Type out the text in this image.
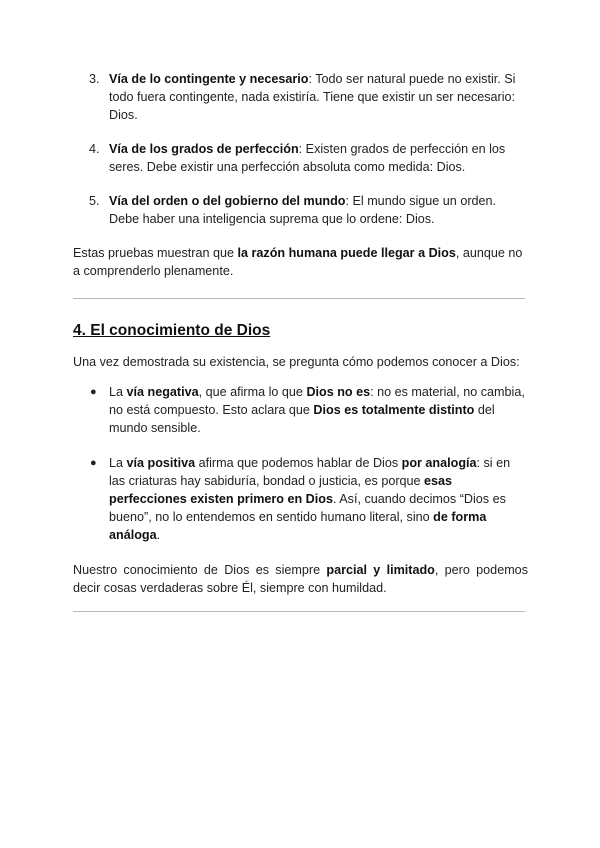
3. Vía de lo contingente y necesario: Todo ser natural puede no existir. Si todo fuera contingente, nada existiría. Tiene que existir un ser necesario: Dios.
4. Vía de los grados de perfección: Existen grados de perfección en los seres. Debe existir una perfección absoluta como medida: Dios.
5. Vía del orden o del gobierno del mundo: El mundo sigue un orden. Debe haber una inteligencia suprema que lo ordene: Dios.

Estas pruebas muestran que la razón humana puede llegar a Dios, aunque no a comprenderlo plenamente.

4. El conocimiento de Dios

Una vez demostrada su existencia, se pregunta cómo podemos conocer a Dios:

● La vía negativa, que afirma lo que Dios no es: no es material, no cambia, no está compuesto. Esto aclara que Dios es totalmente distinto del mundo sensible.
● La vía positiva afirma que podemos hablar de Dios por analogía: si en las criaturas hay sabiduría, bondad o justicia, es porque esas perfecciones existen primero en Dios. Así, cuando decimos “Dios es bueno”, no lo entendemos en sentido humano literal, sino de forma análoga.

Nuestro conocimiento de Dios es siempre parcial y limitado, pero podemos decir cosas verdaderas sobre Él, siempre con humildad.
